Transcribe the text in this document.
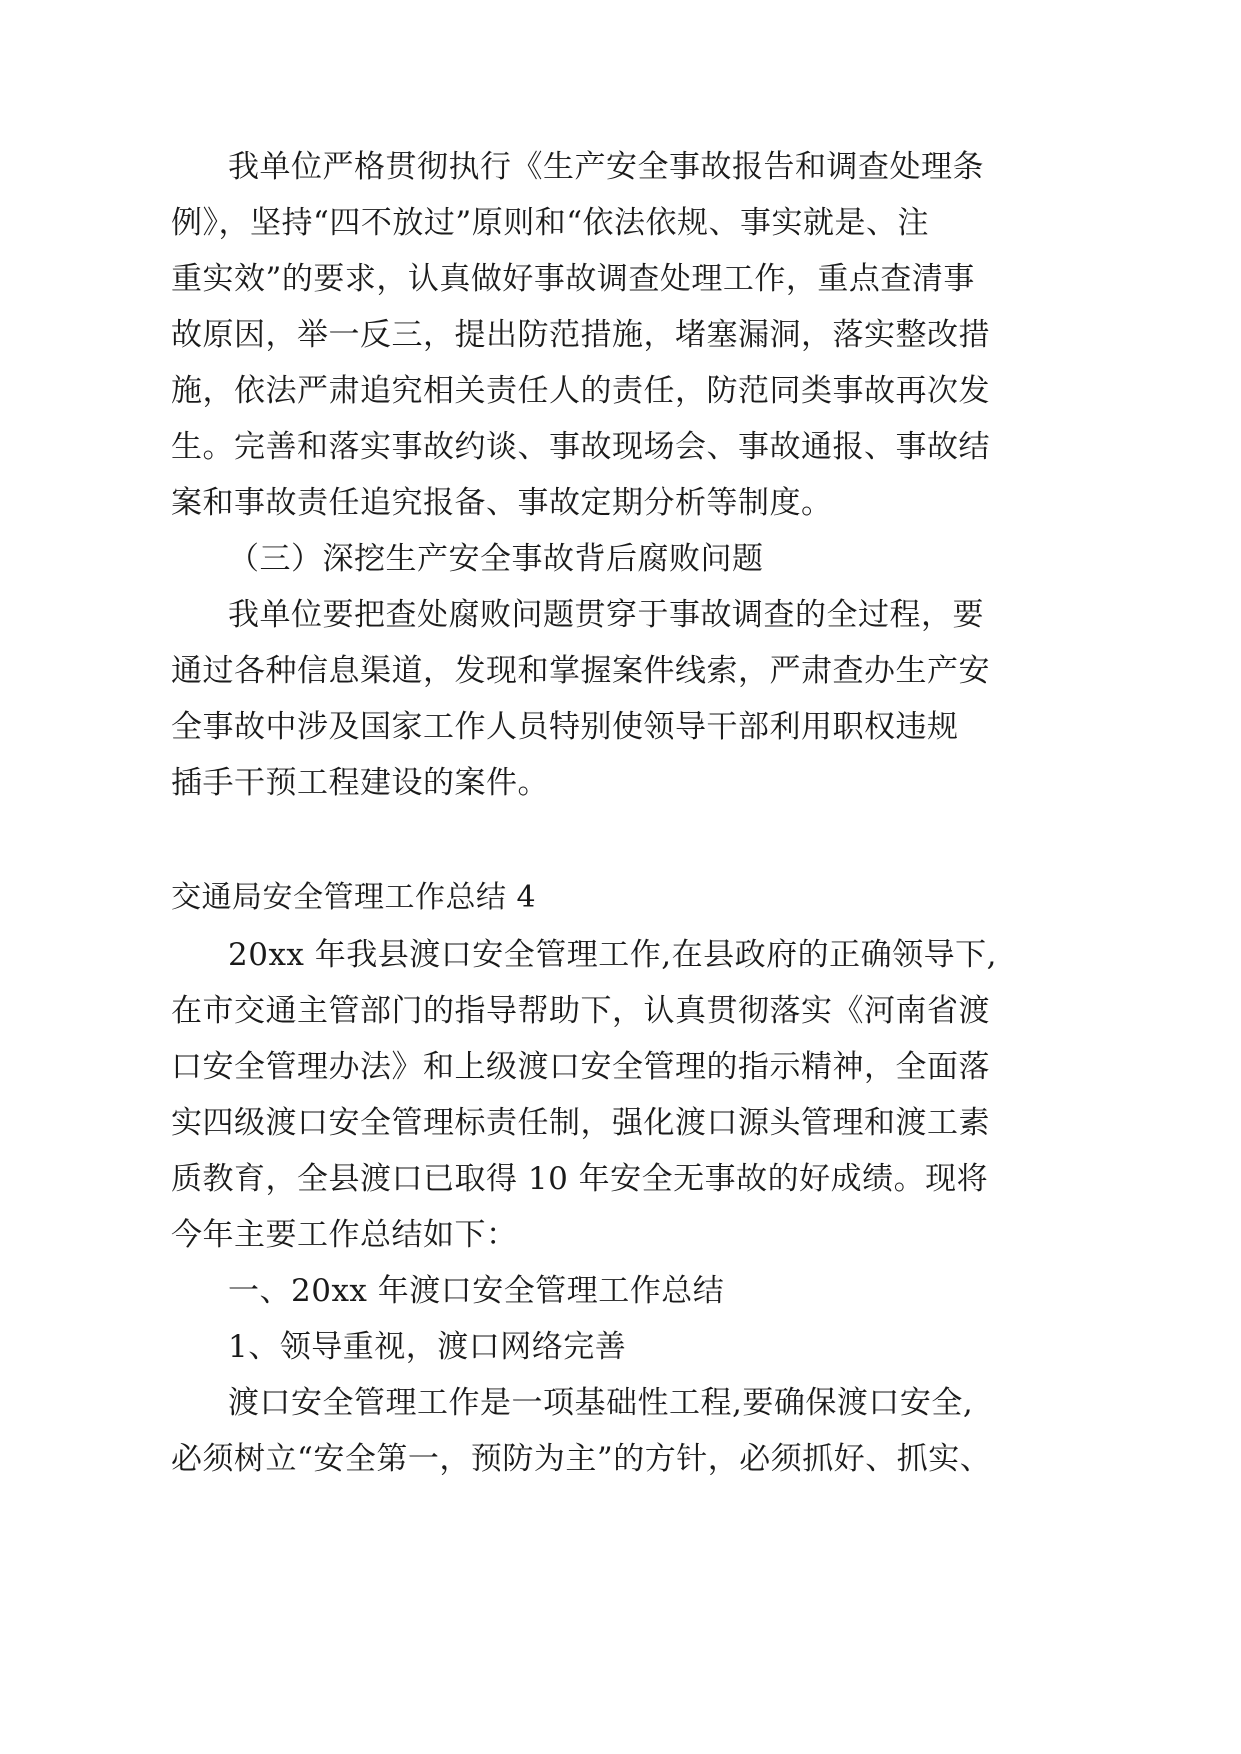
我单位严格贯彻执行《生产安全事故报告和调查处理条
例》，坚持“四不放过”原则和“依法依规、事实就是、注
重实效”的要求，认真做好事故调查处理工作，重点查清事
故原因，举一反三，提出防范措施，堵塞漏洞，落实整改措
施，依法严肃追究相关责任人的责任，防范同类事故再次发
生。完善和落实事故约谈、事故现场会、事故通报、事故结
案和事故责任追究报备、事故定期分析等制度。
（三）深挖生产安全事故背后腐败问题
我单位要把查处腐败问题贯穿于事故调查的全过程，要
通过各种信息渠道，发现和掌握案件线索，严肃查办生产安
全事故中涉及国家工作人员特别使领导干部利用职权违规
插手干预工程建设的案件。
交通局安全管理工作总结 4
20xx 年我县渡口安全管理工作,在县政府的正确领导下,
在市交通主管部门的指导帮助下，认真贯彻落实《河南省渡
口安全管理办法》和上级渡口安全管理的指示精神，全面落
实四级渡口安全管理标责任制，强化渡口源头管理和渡工素
质教育，全县渡口已取得 10 年安全无事故的好成绩。现将
今年主要工作总结如下：
一、20xx 年渡口安全管理工作总结
1、领导重视，渡口网络完善
渡口安全管理工作是一项基础性工程,要确保渡口安全,
必须树立“安全第一，预防为主”的方针，必须抓好、抓实、
